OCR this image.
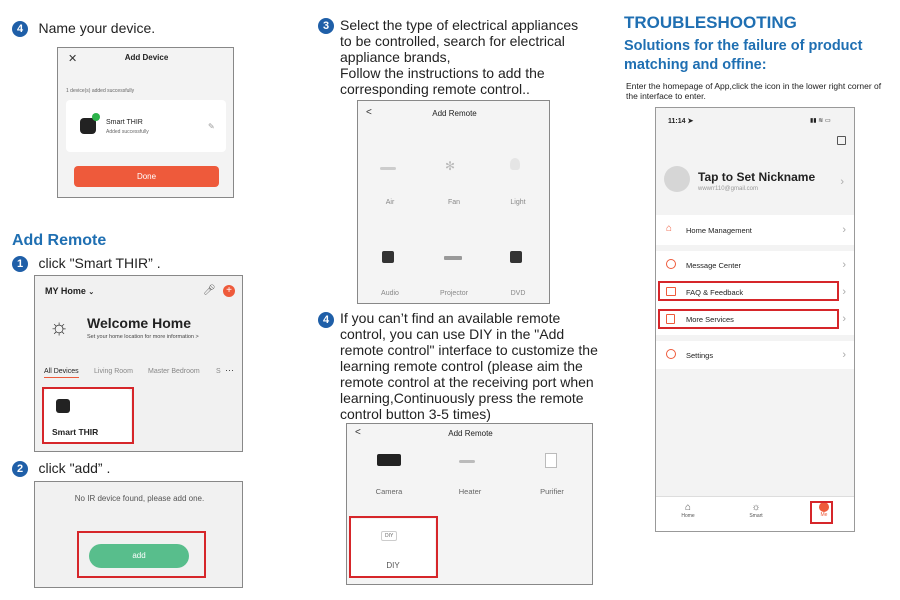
4 Name your device.
✕	Add Device
1 device(s) added successfully
Smart THIR
Added successfully
✎
Done
Add Remote
1 click "Smart THIR” .
MY Home ⌄	🎤︎	+
☼ Welcome Home
Set your home location for more information >
All Devices Living Room Master Bedroom S ···
Smart THIR
2 click "add” .
No IR device found, please add one.
add
3 Select the type of electrical appliances to be controlled, search for electrical appliance brands,
Follow the instructions to add the corresponding remote control..
<	Add Remote
✻
Air	Fan	Light
Audio	Projector	DVD
4 If you can’t find an available remote control, you can use DIY in the "Add remote control" interface to customize the learning remote control (please aim the remote control at the receiving port when learning,Continuously press the remote control button 3-5 times)
<	Add Remote
Camera	Heater	Purifier
DIY
DIY
TROUBLESHOOTING
Solutions for the failure of product matching and offine:
Enter the homepage of App,click the icon in the lower right corner of the interface to enter.
11:14 ➤	▮▮ ≋ ▭
Tap to Set Nickname
wwwrr110@gmail.com
›
⌂ Home Management	›
Message Center	›
FAQ & Feedback	›
More Services	›
Settings	›
⌂
Home
☼
Smart	Me
